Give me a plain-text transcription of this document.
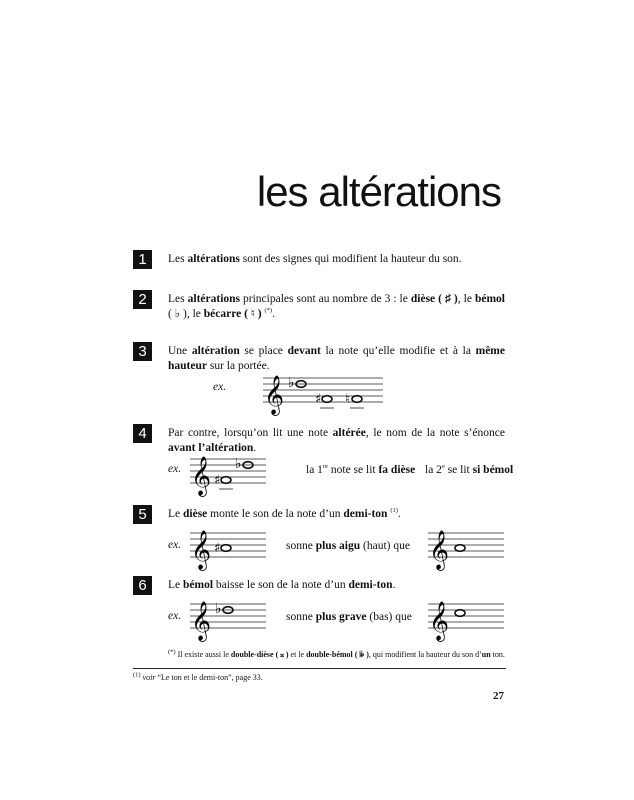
les altérations
1	Les altérations sont des signes qui modifient la hauteur du son.
2	Les altérations principales sont au nombre de 3 : le dièse ( ♯ ), le bémol ( ♭ ), le bécarre ( ♮ ) (*).
3	Une altération se place devant la note qu’elle modifie et à la même hauteur sur la portée.
ex. 𝄞 ♭
♯ ♮
4	Par contre, lorsqu’on lit une note altérée, le nom de la note s’énonce avant l’altération.
ex. 𝄞 ♯
♭	la 1re note se lit fa dièse la 2e se lit si bémol
5	Le dièse monte le son de la note d’un demi-ton $^{(1)}$.
ex. 𝄞 ♯	sonne plus aigu (haut) que 𝄞
6	Le bémol baisse le son de la note d’un demi-ton.
ex. 𝄞 ♭	sonne plus grave (bas) que 𝄞
(*) Il existe aussi le double-dièse ( 𝄪 ) et le double-bémol ( 𝄫 ), qui modifient la hauteur du son d’un ton.
$^{(1)}$ voir “Le ton et le demi-ton”, page 33.
27
